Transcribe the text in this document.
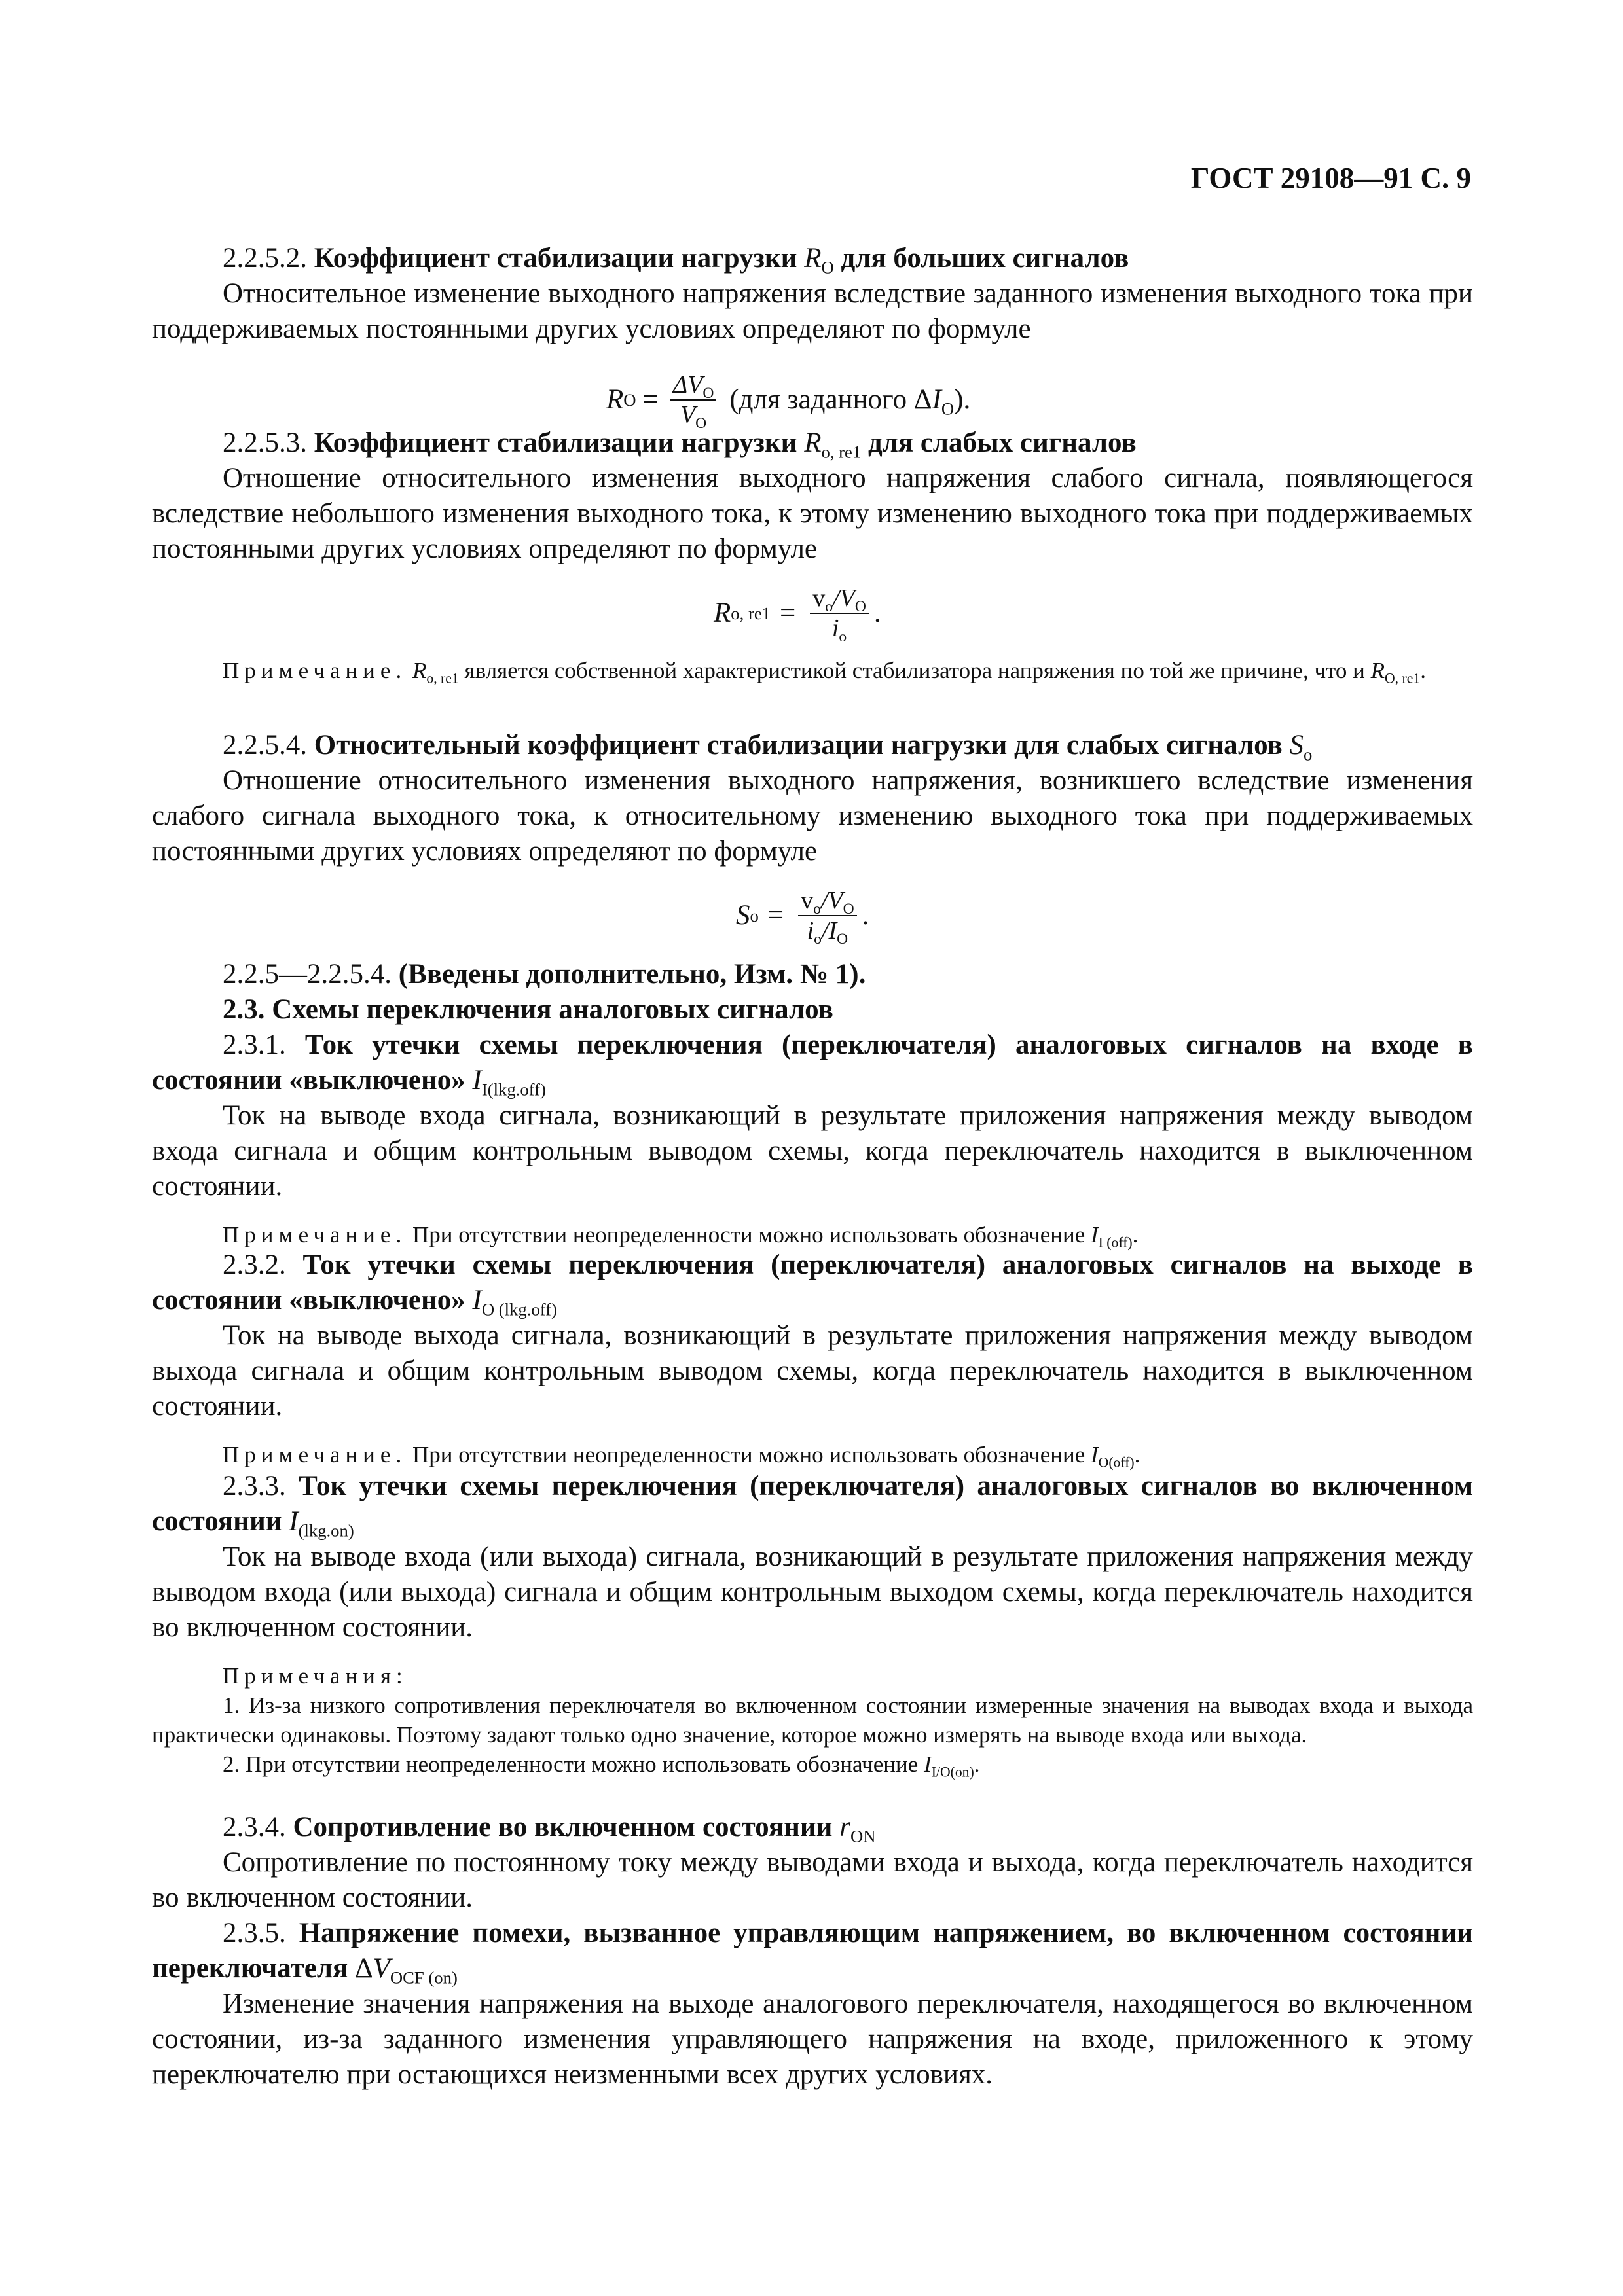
ГОСТ 29108—91 С. 9

2.2.5.2. Коэффициент стабилизации нагрузки $R_O$ для больших сигналов

Относительное изменение выходного напряжения вследствие заданного изменения выходного тока при поддерживаемых постоянными других условиях определяют по формуле

R $O = \frac{\Delta V_O}{V_O} (для$ заданного $\Delta I_O$).

2.2.5.3. Коэффициент стабилизации нагрузки $R_{o, re1}$ для слабых сигналов

Отношение относительного изменения выходного напряжения слабого сигнала, появляющегося вследствие небольшого изменения выходного тока, к этому изменению выходного тока при поддерживаемых постоянными других условиях определяют по формуле

R o, $re1 = \frac{v_o/V_O}{i_o}$ .

Примечание. $R_{o, re1}$ является собственной характеристикой стабилизатора напряжения по той же причине, что и $R_{O, re1}$.

2.2.5.4. Относительный коэффициент стабилизации нагрузки для слабых сигналов $S_o$

Отношение относительного изменения выходного напряжения, возникшего вследствие изменения слабого сигнала выходного тока, к относительному изменению выходного тока при поддерживаемых постоянными других условиях определяют по формуле

S $o = \frac{v_o/V_O}{i_o/I_O}$ .

2.2.5—2.2.5.4. (Введены дополнительно, Изм. № 1).

2.3. Схемы переключения аналоговых сигналов

2.3.1. Ток утечки схемы переключения (переключателя) аналоговых сигналов на входе в состоянии «выключено» $I_{I(lkg.off)}$

Ток на выводе входа сигнала, возникающий в результате приложения напряжения между выводом входа сигнала и общим контрольным выводом схемы, когда переключатель находится в выключенном состоянии.

Примечание. При отсутствии неопределенности можно использовать обозначение $I_{I (off)}$.

2.3.2. Ток утечки схемы переключения (переключателя) аналоговых сигналов на выходе в состоянии «выключено» $I_{O (lkg.off)}$

Ток на выводе выхода сигнала, возникающий в результате приложения напряжения между выводом выхода сигнала и общим контрольным выводом схемы, когда переключатель находится в выключенном состоянии.

Примечание. При отсутствии неопределенности можно использовать обозначение $I_{O(off)}$.

2.3.3. Ток утечки схемы переключения (переключателя) аналоговых сигналов во включенном состоянии $I_{(lkg.on)}$

Ток на выводе входа (или выхода) сигнала, возникающий в результате приложения напряжения между выводом входа (или выхода) сигнала и общим контрольным выходом схемы, когда переключатель находится во включенном состоянии.

Примечания:

1. Из-за низкого сопротивления переключателя во включенном состоянии измеренные значения на выводах входа и выхода практически одинаковы. Поэтому задают только одно значение, которое можно измерять на выводе входа или выхода.

2. При отсутствии неопределенности можно использовать обозначение $I_{I/O(on)}$.

2.3.4. Сопротивление во включенном состоянии $r_{ON}$

Сопротивление по постоянному току между выводами входа и выхода, когда переключатель находится во включенном состоянии.

2.3.5. Напряжение помехи, вызванное управляющим напряжением, во включенном состоянии переключателя $\Delta V_{OCF (on)}$

Изменение значения напряжения на выходе аналогового переключателя, находящегося во включенном состоянии, из-за заданного изменения управляющего напряжения на входе, приложенного к этому переключателю при остающихся неизменными всех других условиях.
